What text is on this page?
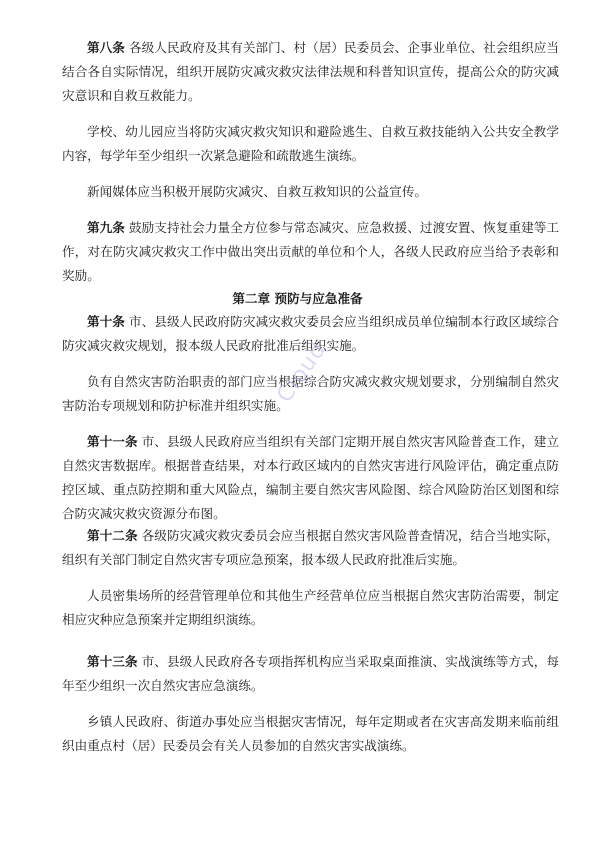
第八条 各级人民政府及其有关部门、村（居）民委员会、企事业单位、社会组织应当结合各自实际情况，组织开展防灾减灾救灾法律法规和科普知识宣传，提高公众的防灾减灾意识和自救互救能力。

学校、幼儿园应当将防灾减灾救灾知识和避险逃生、自救互救技能纳入公共安全教学内容，每学年至少组织一次紧急避险和疏散逃生演练。

新闻媒体应当积极开展防灾减灾、自救互救知识的公益宣传。

第九条 鼓励支持社会力量全方位参与常态减灾、应急救援、过渡安置、恢复重建等工作，对在防灾减灾救灾工作中做出突出贡献的单位和个人，各级人民政府应当给予表彰和奖励。

第二章 预防与应急准备

第十条 市、县级人民政府防灾减灾救灾委员会应当组织成员单位编制本行政区域综合防灾减灾救灾规划，报本级人民政府批准后组织实施。

负有自然灾害防治职责的部门应当根据综合防灾减灾救灾规划要求，分别编制自然灾害防治专项规划和防护标准并组织实施。

第十一条 市、县级人民政府应当组织有关部门定期开展自然灾害风险普查工作，建立自然灾害数据库。根据普查结果，对本行政区域内的自然灾害进行风险评估，确定重点防控区域、重点防控期和重大风险点，编制主要自然灾害风险图、综合风险防治区划图和综合防灾减灾救灾资源分布图。

第十二条 各级防灾减灾救灾委员会应当根据自然灾害风险普查情况，结合当地实际，组织有关部门制定自然灾害专项应急预案，报本级人民政府批准后实施。

人员密集场所的经营管理单位和其他生产经营单位应当根据自然灾害防治需要，制定相应灾种应急预案并定期组织演练。

第十三条 市、县级人民政府各专项指挥机构应当采取桌面推演、实战演练等方式，每年至少组织一次自然灾害应急演练。

乡镇人民政府、街道办事处应当根据灾害情况，每年定期或者在灾害高发期来临前组织由重点村（居）民委员会有关人员参加的自然灾害实战演练。

Cloud
